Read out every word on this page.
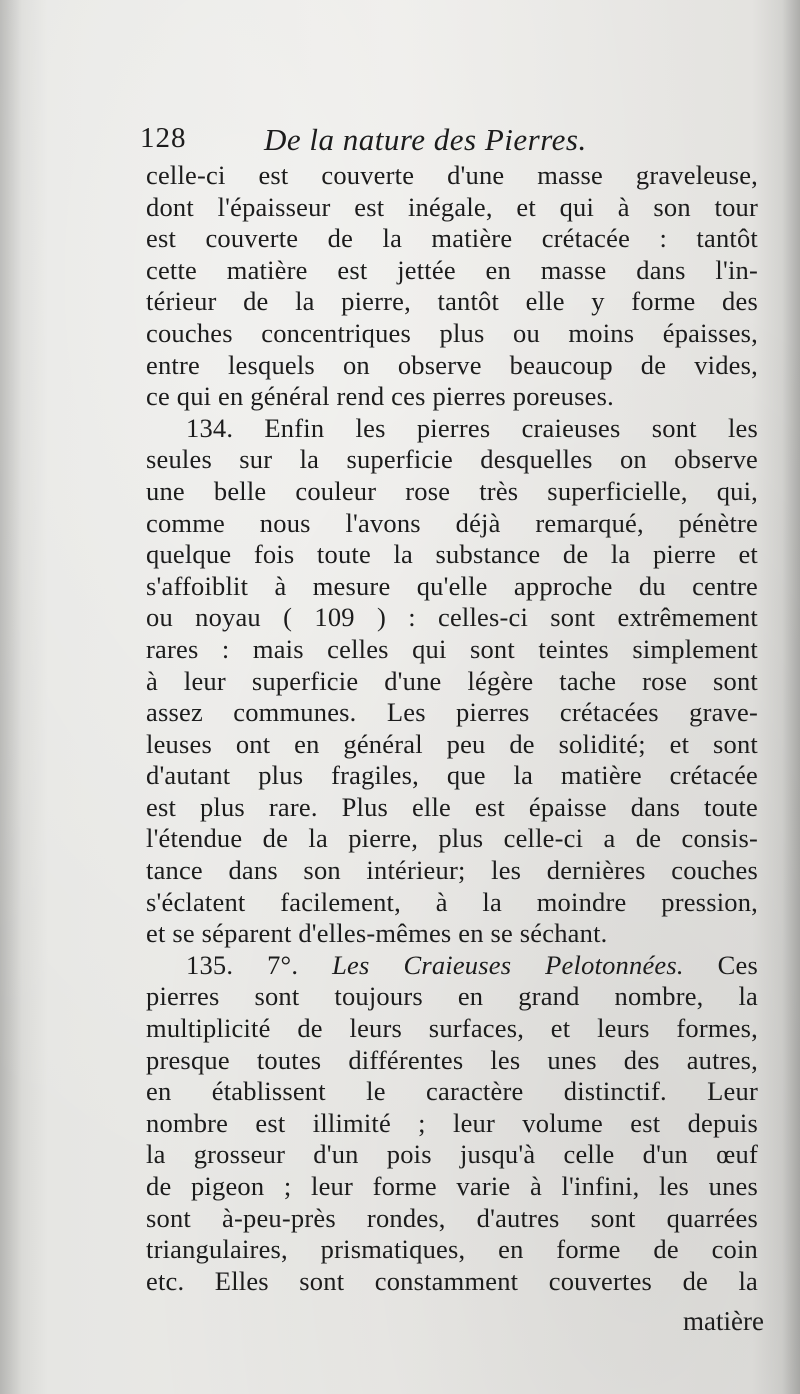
128	De la nature des Pierres.
celle-ci est couverte d'une masse graveleuse,
dont l'épaisseur est inégale, et qui à son tour
est couverte de la matière crétacée : tantôt
cette matière est jettée en masse dans l'in-
térieur de la pierre, tantôt elle y forme des
couches concentriques plus ou moins épaisses,
entre lesquels on observe beaucoup de vides,
ce qui en général rend ces pierres poreuses.
134. Enfin les pierres craieuses sont les
seules sur la superficie desquelles on observe
une belle couleur rose très superficielle, qui,
comme nous l'avons déjà remarqué, pénètre
quelque fois toute la substance de la pierre et
s'affoiblit à mesure qu'elle approche du centre
ou noyau ( 109 ) : celles-ci sont extrêmement
rares : mais celles qui sont teintes simplement
à leur superficie d'une légère tache rose sont
assez communes. Les pierres crétacées grave-
leuses ont en général peu de solidité; et sont
d'autant plus fragiles, que la matière crétacée
est plus rare. Plus elle est épaisse dans toute
l'étendue de la pierre, plus celle-ci a de consis-
tance dans son intérieur; les dernières couches
s'éclatent facilement, à la moindre pression,
et se séparent d'elles-mêmes en se séchant.
135. 7°. Les Craieuses Pelotonnées. Ces
pierres sont toujours en grand nombre, la
multiplicité de leurs surfaces, et leurs formes,
presque toutes différentes les unes des autres,
en établissent le caractère distinctif. Leur
nombre est illimité ; leur volume est depuis
la grosseur d'un pois jusqu'à celle d'un œuf
de pigeon ; leur forme varie à l'infini, les unes
sont à-peu-près rondes, d'autres sont quarrées
triangulaires, prismatiques, en forme de coin
etc. Elles sont constamment couvertes de la
matière
